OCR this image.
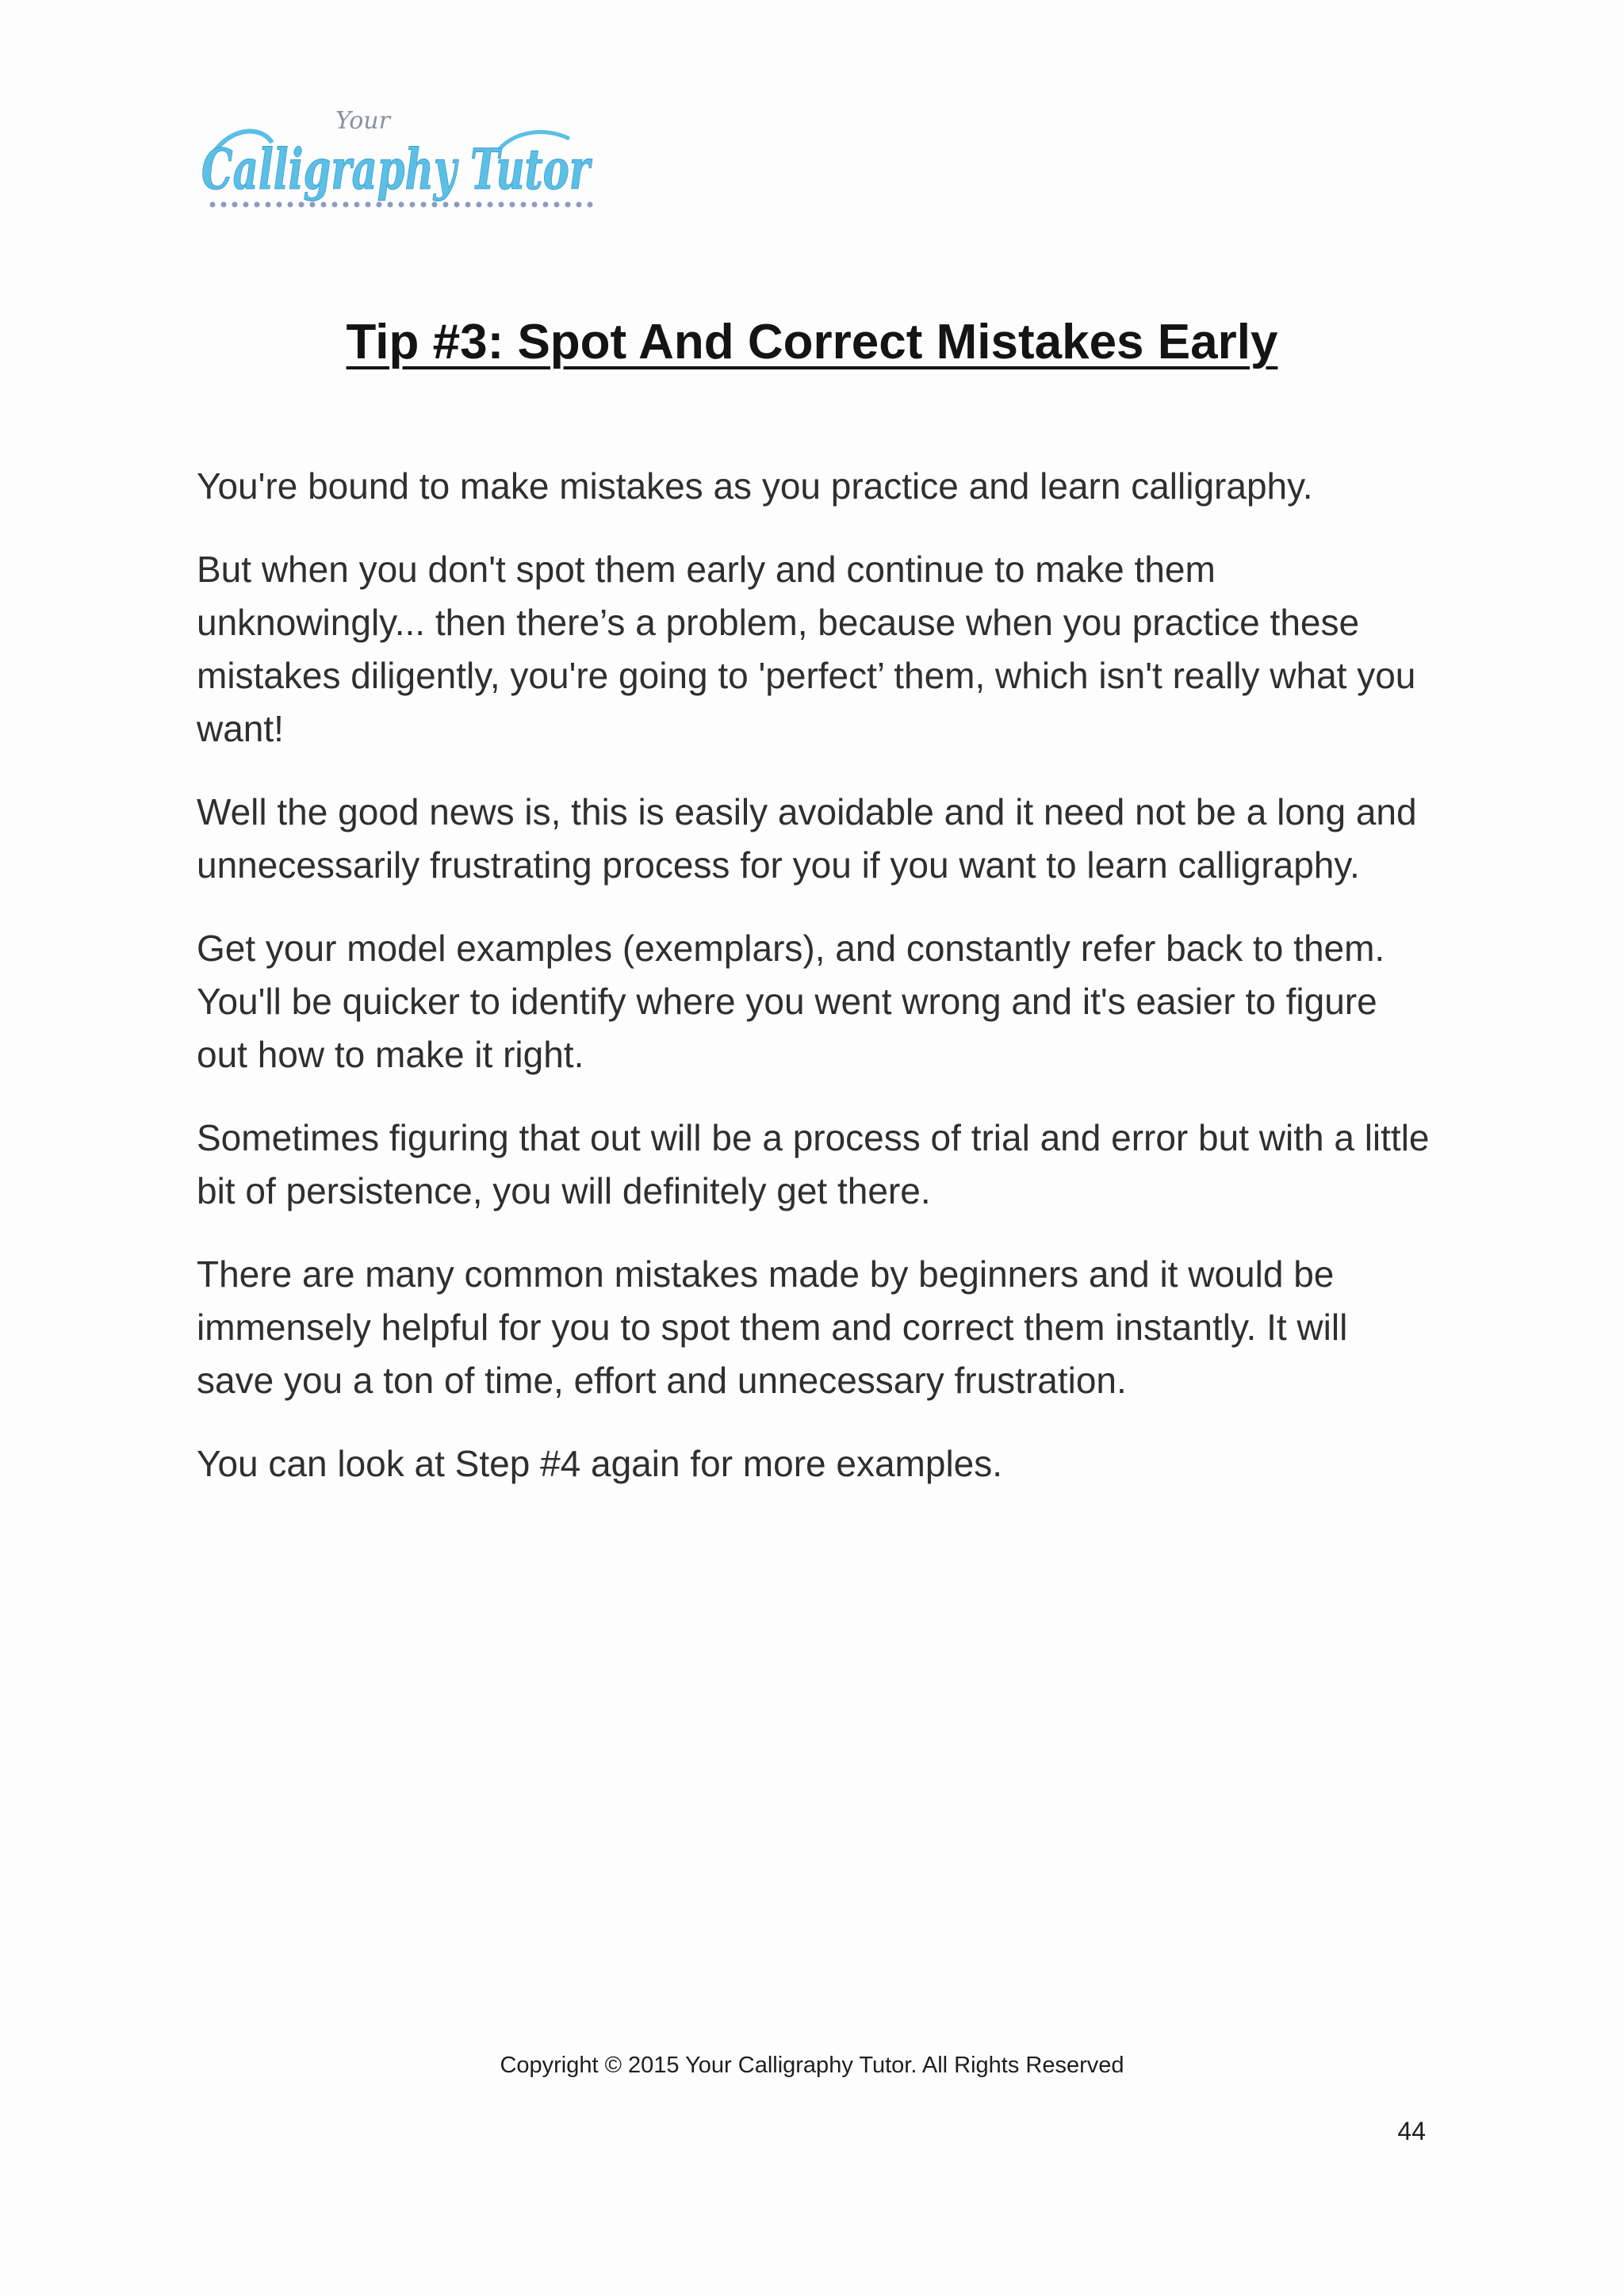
Your
Calligraphy Tutor
Tip #3: Spot And Correct Mistakes Early

You're bound to make mistakes as you practice and learn calligraphy.

But when you don't spot them early and continue to make them unknowingly... then there’s a problem, because when you practice these mistakes diligently, you're going to 'perfect’ them, which isn't really what you want!

Well the good news is, this is easily avoidable and it need not be a long and unnecessarily frustrating process for you if you want to learn calligraphy.

Get your model examples (exemplars), and constantly refer back to them. You'll be quicker to identify where you went wrong and it's easier to figure out how to make it right.

Sometimes figuring that out will be a process of trial and error but with a little bit of persistence, you will definitely get there.

There are many common mistakes made by beginners and it would be immensely helpful for you to spot them and correct them instantly. It will save you a ton of time, effort and unnecessary frustration.

You can look at Step #4 again for more examples.

Copyright © 2015 Your Calligraphy Tutor. All Rights Reserved
44
